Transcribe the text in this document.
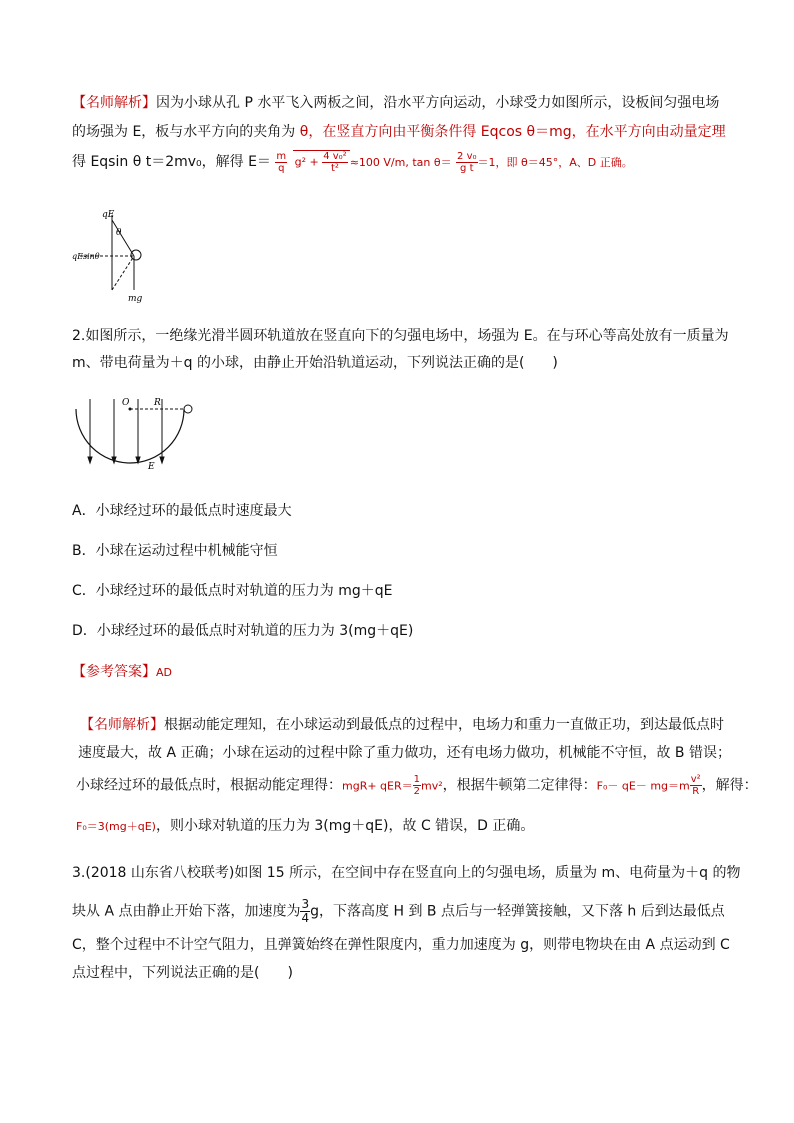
【名师解析】因为小球从孔 P 水平飞入两板之间，沿水平方向运动，小球受力如图所示，设板间匀强电场
的场强为 E，板与水平方向的夹角为 θ，在竖直方向由平衡条件得 Eqcos θ＝mg，在水平方向由动量定理
得 Eqsin θ t＝2mv₀，解得 $E= \frac{m}{q} g^2 + \frac{\text{4 v₀²}}{\text{t²}} \approx 100$ V/m, $\tan \theta= \frac{\text{2 v₀}}{\text{g t}} =1$，即 θ＝45°，A、D 正确。
qE
θ
qEsinθ
mg
2.如图所示，一绝缘光滑半圆环轨道放在竖直向下的匀强电场中，场强为 E。在与环心等高处放有一质量为
m、带电荷量为＋q 的小球，由静止开始沿轨道运动，下列说法正确的是(　　)
O	R
E
A．小球经过环的最低点时速度最大
B．小球在运动过程中机械能守恒
C．小球经过环的最低点时对轨道的压力为 mg＋qE
D．小球经过环的最低点时对轨道的压力为 3(mg＋qE)
【参考答案】AD
【名师解析】根据动能定理知，在小球运动到最低点的过程中，电场力和重力一直做正功，到达最低点时
速度最大，故 A 正确；小球在运动的过程中除了重力做功，还有电场力做功，机械能不守恒，故 B 错误；
小球经过环的最低点时，根据动能定理得：$mgR+ qER= \frac{1}{2} mv^2$，根据牛顿第二定律得：$F_0- qE- mg=m \frac{\text{v²}}{R}$ ，解得：
F₀＝3(mg＋qE)，则小球对轨道的压力为 3(mg＋qE)，故 C 错误，D 正确。
3.(2018 山东省八校联考)如图 15 所示，在空间中存在竖直向上的匀强电场，质量为 m、电荷量为＋q 的物
块从 A 点由静止开始下落，加速度为 $\frac{3}{4}$ g，下落高度 H 到 B 点后与一轻弹簧接触，又下落 h 后到达最低点
C，整个过程中不计空气阻力，且弹簧始终在弹性限度内，重力加速度为 g，则带电物块在由 A 点运动到 C
点过程中，下列说法正确的是(　　)
